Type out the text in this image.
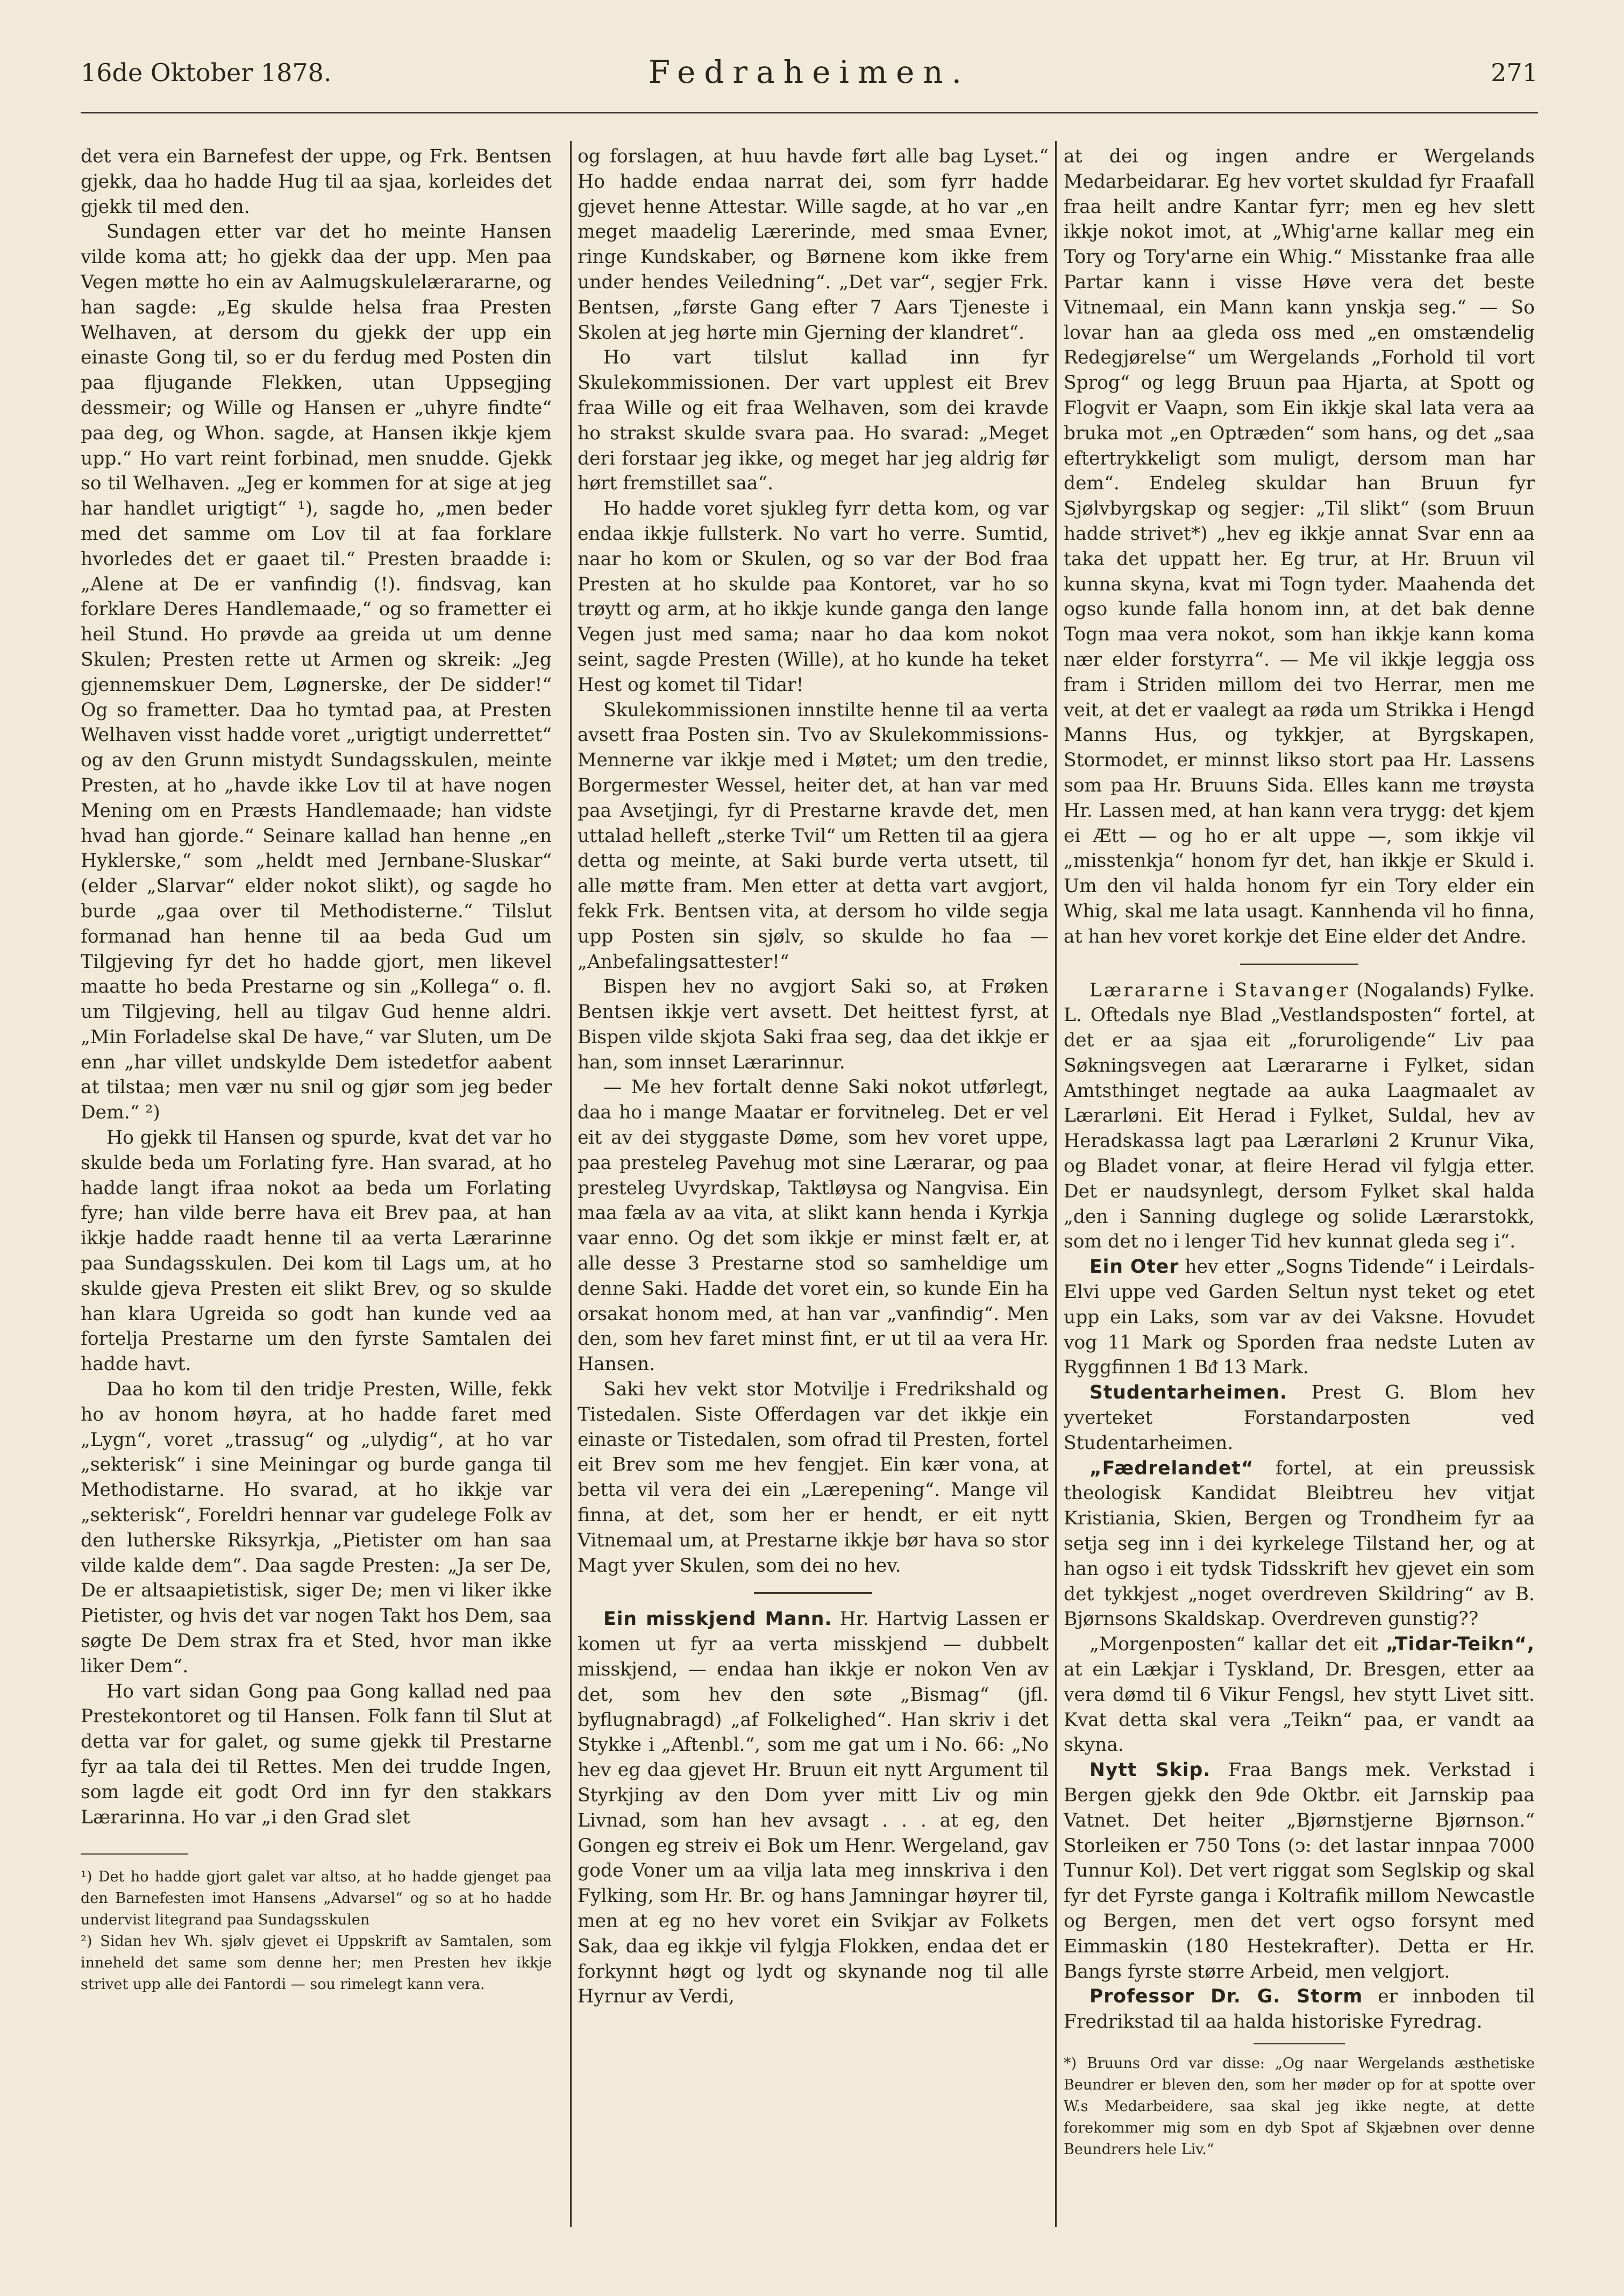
16de Oktober 1878.	Fedraheimen.	271

det vera ein Barnefest der uppe, og Frk. Bentsen gjekk, daa ho hadde Hug til aa sjaa, korleides det gjekk til med den.

Sundagen etter var det ho meinte Hansen vilde koma att; ho gjekk daa der upp. Men paa Vegen møtte ho ein av Aalmugskulelærararne, og han sagde: „Eg skulde helsa fraa Presten Welhaven, at dersom du gjekk der upp ein einaste Gong til, so er du ferdug med Posten din paa fljugande Flekken, utan Uppsegjing dessmeir; og Wille og Hansen er „uhyre findte“ paa deg, og Whon. sagde, at Hansen ikkje kjem upp.“ Ho vart reint forbinad, men snudde. Gjekk so til Welhaven. „Jeg er kommen for at sige at jeg har handlet urigtigt“ ¹), sagde ho, „men beder med det samme om Lov til at faa forklare hvorledes det er gaaet til.“ Presten braadde i: „Alene at De er vanfindig (!). findsvag, kan forklare Deres Handlemaade,“ og so frametter ei heil Stund. Ho prøvde aa greida ut um denne Skulen; Presten rette ut Armen og skreik: „Jeg gjennemskuer Dem, Løgnerske, der De sidder!“ Og so frametter. Daa ho tymtad paa, at Presten Welhaven visst hadde voret „urigtigt underrettet“ og av den Grunn mistydt Sundagsskulen, meinte Presten, at ho „havde ikke Lov til at have nogen Mening om en Præsts Handlemaade; han vidste hvad han gjorde.“ Seinare kallad han henne „en Hyklerske,“ som „heldt med Jernbane-Sluskar“ (elder „Slarvar“ elder nokot slikt), og sagde ho burde „gaa over til Methodisterne.“ Tilslut formanad han henne til aa beda Gud um Tilgjeving fyr det ho hadde gjort, men likevel maatte ho beda Prestarne og sin „Kollega“ o. fl. um Tilgjeving, hell au tilgav Gud henne aldri. „Min Forladelse skal De have,“ var Sluten, um De enn „har villet undskylde Dem istedetfor aabent at tilstaa; men vær nu snil og gjør som jeg beder Dem.“ ²)

Ho gjekk til Hansen og spurde, kvat det var ho skulde beda um Forlating fyre. Han svarad, at ho hadde langt ifraa nokot aa beda um Forlating fyre; han vilde berre hava eit Brev paa, at han ikkje hadde raadt henne til aa verta Lærarinne paa Sundagsskulen. Dei kom til Lags um, at ho skulde gjeva Presten eit slikt Brev, og so skulde han klara Ugreida so godt han kunde ved aa fortelja Prestarne um den fyrste Samtalen dei hadde havt.

Daa ho kom til den tridje Presten, Wille, fekk ho av honom høyra, at ho hadde faret med „Lygn“, voret „trassug“ og „ulydig“, at ho var „sekterisk“ i sine Meiningar og burde ganga til Methodistarne. Ho svarad, at ho ikkje var „sekterisk“, Foreldri hennar var gudelege Folk av den lutherske Riksyrkja, „Pietister om han saa vilde kalde dem“. Daa sagde Presten: „Ja ser De, De er altsaapietistisk, siger De; men vi liker ikke Pietister, og hvis det var nogen Takt hos Dem, saa søgte De Dem strax fra et Sted, hvor man ikke liker Dem“.

Ho vart sidan Gong paa Gong kallad ned paa Prestekontoret og til Hansen. Folk fann til Slut at detta var for galet, og sume gjekk til Prestarne fyr aa tala dei til Rettes. Men dei trudde Ingen, som lagde eit godt Ord inn fyr den stakkars Lærarinna. Ho var „i den Grad slet

¹) Det ho hadde gjort galet var altso, at ho hadde gjenget paa den Barnefesten imot Hansens „Advarsel“ og so at ho hadde undervist litegrand paa Sundagsskulen

²) Sidan hev Wh. sjølv gjevet ei Uppskrift av Samtalen, som inneheld det same som denne her; men Presten hev ikkje strivet upp alle dei Fantordi — sou rimelegt kann vera.

og forslagen, at huu havde ført alle bag Lyset.“ Ho hadde endaa narrat dei, som fyrr hadde gjevet henne Attestar. Wille sagde, at ho var „en meget maadelig Lærerinde, med smaa Evner, ringe Kundskaber, og Børnene kom ikke frem under hendes Veiledning“. „Det var“, segjer Frk. Bentsen, „første Gang efter 7 Aars Tjeneste i Skolen at jeg hørte min Gjerning der klandret“.

Ho vart tilslut kallad inn fyr Skulekommissionen. Der vart upplest eit Brev fraa Wille og eit fraa Welhaven, som dei kravde ho strakst skulde svara paa. Ho svarad: „Meget deri forstaar jeg ikke, og meget har jeg aldrig før hørt fremstillet saa“.

Ho hadde voret sjukleg fyrr detta kom, og var endaa ikkje fullsterk. No vart ho verre. Sumtid, naar ho kom or Skulen, og so var der Bod fraa Presten at ho skulde paa Kontoret, var ho so trøytt og arm, at ho ikkje kunde ganga den lange Vegen just med sama; naar ho daa kom nokot seint, sagde Presten (Wille), at ho kunde ha teket Hest og komet til Tidar!

Skulekommissionen innstilte henne til aa verta avsett fraa Posten sin. Tvo av Skulekommissions-Mennerne var ikkje med i Møtet; um den tredie, Borgermester Wessel, heiter det, at han var med paa Avsetjingi, fyr di Prestarne kravde det, men uttalad helleft „sterke Tvil“ um Retten til aa gjera detta og meinte, at Saki burde verta utsett, til alle møtte fram. Men etter at detta vart avgjort, fekk Frk. Bentsen vita, at dersom ho vilde segja upp Posten sin sjølv, so skulde ho faa — „Anbefalingsattester!“

Bispen hev no avgjort Saki so, at Frøken Bentsen ikkje vert avsett. Det heittest fyrst, at Bispen vilde skjota Saki fraa seg, daa det ikkje er han, som innset Lærarinnur.

— Me hev fortalt denne Saki nokot utførlegt, daa ho i mange Maatar er forvitneleg. Det er vel eit av dei styggaste Døme, som hev voret uppe, paa presteleg Pavehug mot sine Lærarar, og paa presteleg Uvyrdskap, Taktløysa og Nangvisa. Ein maa fæla av aa vita, at slikt kann henda i Kyrkja vaar enno. Og det som ikkje er minst fælt er, at alle desse 3 Prestarne stod so samheldige um denne Saki. Hadde det voret ein, so kunde Ein ha orsakat honom med, at han var „vanfindig“. Men den, som hev faret minst fint, er ut til aa vera Hr. Hansen.

Saki hev vekt stor Motvilje i Fredrikshald og Tistedalen. Siste Offerdagen var det ikkje ein einaste or Tistedalen, som ofrad til Presten, fortel eit Brev som me hev fengjet. Ein kær vona, at betta vil vera dei ein „Lærepening“. Mange vil finna, at det, som her er hendt, er eit nytt Vitnemaal um, at Prestarne ikkje bør hava so stor Magt yver Skulen, som dei no hev.

Ein misskjend Mann. Hr. Hartvig Lassen er komen ut fyr aa verta misskjend — dubbelt misskjend, — endaa han ikkje er nokon Ven av det, som hev den søte „Bismag“ (jfl. byflugnabragd) „af Folkelighed“. Han skriv i det Stykke i „Aftenbl.“, som me gat um i No. 66: „No hev eg daa gjevet Hr. Bruun eit nytt Argument til Styrkjing av den Dom yver mitt Liv og min Livnad, som han hev avsagt . . . at eg, den Gongen eg streiv ei Bok um Henr. Wergeland, gav gode Voner um aa vilja lata meg innskriva i den Fylking, som Hr. Br. og hans Jamningar høyrer til, men at eg no hev voret ein Svikjar av Folkets Sak, daa eg ikkje vil fylgja Flokken, endaa det er forkynnt høgt og lydt og skynande nog til alle Hyrnur av Verdi,

at dei og ingen andre er Wergelands Medarbeidarar. Eg hev vortet skuldad fyr Fraafall fraa heilt andre Kantar fyrr; men eg hev slett ikkje nokot imot, at „Whig'arne kallar meg ein Tory og Tory'arne ein Whig.“ Misstanke fraa alle Partar kann i visse Høve vera det beste Vitnemaal, ein Mann kann ynskja seg.“ — So lovar han aa gleda oss med „en omstændelig Redegjørelse“ um Wergelands „Forhold til vort Sprog“ og legg Bruun paa Hjarta, at Spott og Flogvit er Vaapn, som Ein ikkje skal lata vera aa bruka mot „en Optræden“ som hans, og det „saa eftertrykkeligt som muligt, dersom man har dem“. Endeleg skuldar han Bruun fyr Sjølvbyrgskap og segjer: „Til slikt“ (som Bruun hadde strivet*) „hev eg ikkje annat Svar enn aa taka det uppatt her. Eg trur, at Hr. Bruun vil kunna skyna, kvat mi Togn tyder. Maahenda det ogso kunde falla honom inn, at det bak denne Togn maa vera nokot, som han ikkje kann koma nær elder forstyrra“. — Me vil ikkje leggja oss fram i Striden millom dei tvo Herrar, men me veit, at det er vaalegt aa røda um Strikka i Hengd Manns Hus, og tykkjer, at Byrgskapen, Stormodet, er minnst likso stort paa Hr. Lassens som paa Hr. Bruuns Sida. Elles kann me trøysta Hr. Lassen med, at han kann vera trygg: det kjem ei Ætt — og ho er alt uppe —, som ikkje vil „misstenkja“ honom fyr det, han ikkje er Skuld i. Um den vil halda honom fyr ein Tory elder ein Whig, skal me lata usagt. Kannhenda vil ho finna, at han hev voret korkje det Eine elder det Andre.

Lærararne i Stavanger (Nogalands) Fylke. L. Oftedals nye Blad „Vestlandsposten“ fortel, at det er aa sjaa eit „foruroligende“ Liv paa Søkningsvegen aat Lærararne i Fylket, sidan Amtsthinget negtade aa auka Laagmaalet av Lærarløni. Eit Herad i Fylket, Suldal, hev av Heradskassa lagt paa Lærarløni 2 Krunur Vika, og Bladet vonar, at fleire Herad vil fylgja etter. Det er naudsynlegt, dersom Fylket skal halda „den i Sanning duglege og solide Lærarstokk, som det no i lenger Tid hev kunnat gleda seg i“.

Ein Oter hev etter „Sogns Tidende“ i Leirdals-Elvi uppe ved Garden Seltun nyst teket og etet upp ein Laks, som var av dei Vaksne. Hovudet vog 11 Mark og Sporden fraa nedste Luten av Ryggfinnen 1 Bᵭ 13 Mark.

Studentarheimen. Prest G. Blom hev yverteket Forstandarposten ved Studentarheimen.

„Fædrelandet“ fortel, at ein preussisk theologisk Kandidat Bleibtreu hev vitjat Kristiania, Skien, Bergen og Trondheim fyr aa setja seg inn i dei kyrkelege Tilstand her, og at han ogso i eit tydsk Tidsskrift hev gjevet ein som det tykkjest „noget overdreven Skildring“ av B. Bjørnsons Skaldskap. Overdreven gunstig??

„Morgenposten“ kallar det eit „Tidar-Teikn“, at ein Lækjar i Tyskland, Dr. Bresgen, etter aa vera dømd til 6 Vikur Fengsl, hev stytt Livet sitt. Kvat detta skal vera „Teikn“ paa, er vandt aa skyna.

Nytt Skip. Fraa Bangs mek. Verkstad i Bergen gjekk den 9de Oktbr. eit Jarnskip paa Vatnet. Det heiter „Bjørnstjerne Bjørnson.“ Storleiken er 750 Tons (ↄ: det lastar innpaa 7000 Tunnur Kol). Det vert riggat som Seglskip og skal fyr det Fyrste ganga i Koltrafik millom Newcastle og Bergen, men det vert ogso forsynt med Eimmaskin (180 Hestekrafter). Detta er Hr. Bangs fyrste større Arbeid, men velgjort.

Professor Dr. G. Storm er innboden til Fredrikstad til aa halda historiske Fyredrag.

*) Bruuns Ord var disse: „Og naar Wergelands æsthetiske Beundrer er bleven den, som her møder op for at spotte over W.s Medarbeidere, saa skal jeg ikke negte, at dette forekommer mig som en dyb Spot af Skjæbnen over denne Beundrers hele Liv.“
